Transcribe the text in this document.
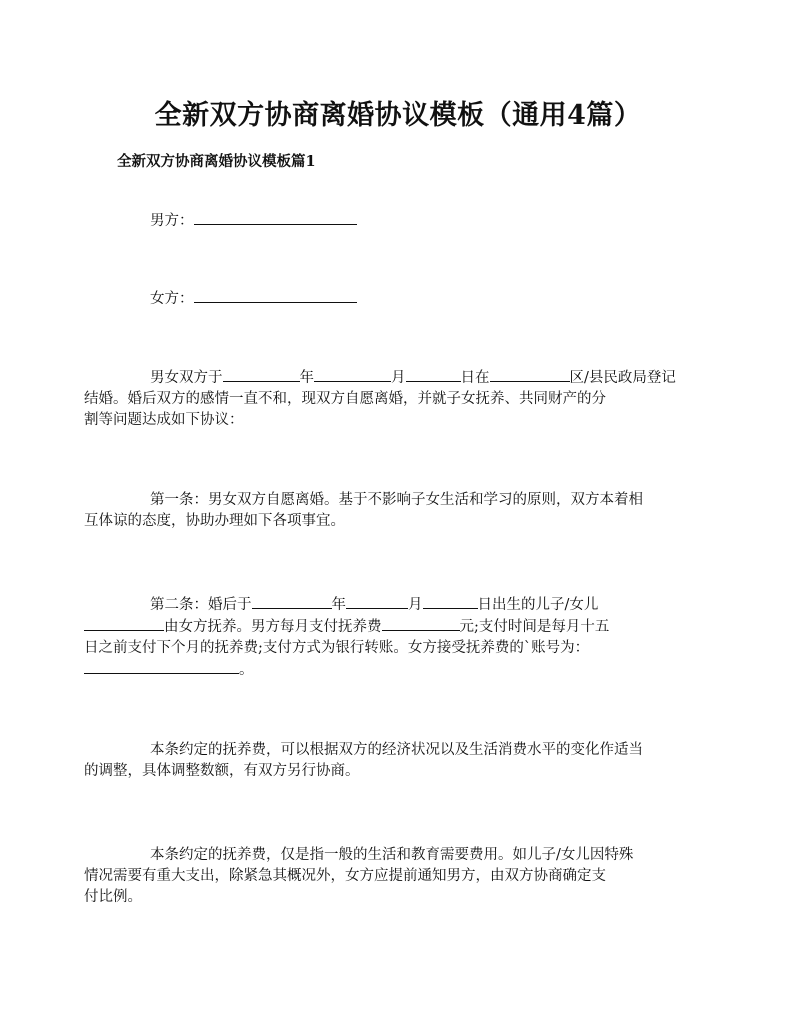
全新双方协商离婚协议模板（通用4篇）
全新双方协商离婚协议模板篇1

男方：

女方：

男女双方于	年	月	日在	区/县民政局登记
结婚。婚后双方的感情一直不和，现双方自愿离婚，并就子女抚养、共同财产的分
割等问题达成如下协议：
第一条：男女双方自愿离婚。基于不影响子女生活和学习的原则，双方本着相
互体谅的态度，协助办理如下各项事宜。
第二条：婚后于	年	月	日出生的儿子/女儿
由女方抚养。男方每月支付抚养费	元;支付时间是每月十五
日之前支付下个月的抚养费;支付方式为银行转账。女方接受抚养费的`账号为：
。
本条约定的抚养费，可以根据双方的经济状况以及生活消费水平的变化作适当
的调整，具体调整数额，有双方另行协商。
本条约定的抚养费，仅是指一般的生活和教育需要费用。如儿子/女儿因特殊
情况需要有重大支出，除紧急其概况外，女方应提前通知男方，由双方协商确定支
付比例。
